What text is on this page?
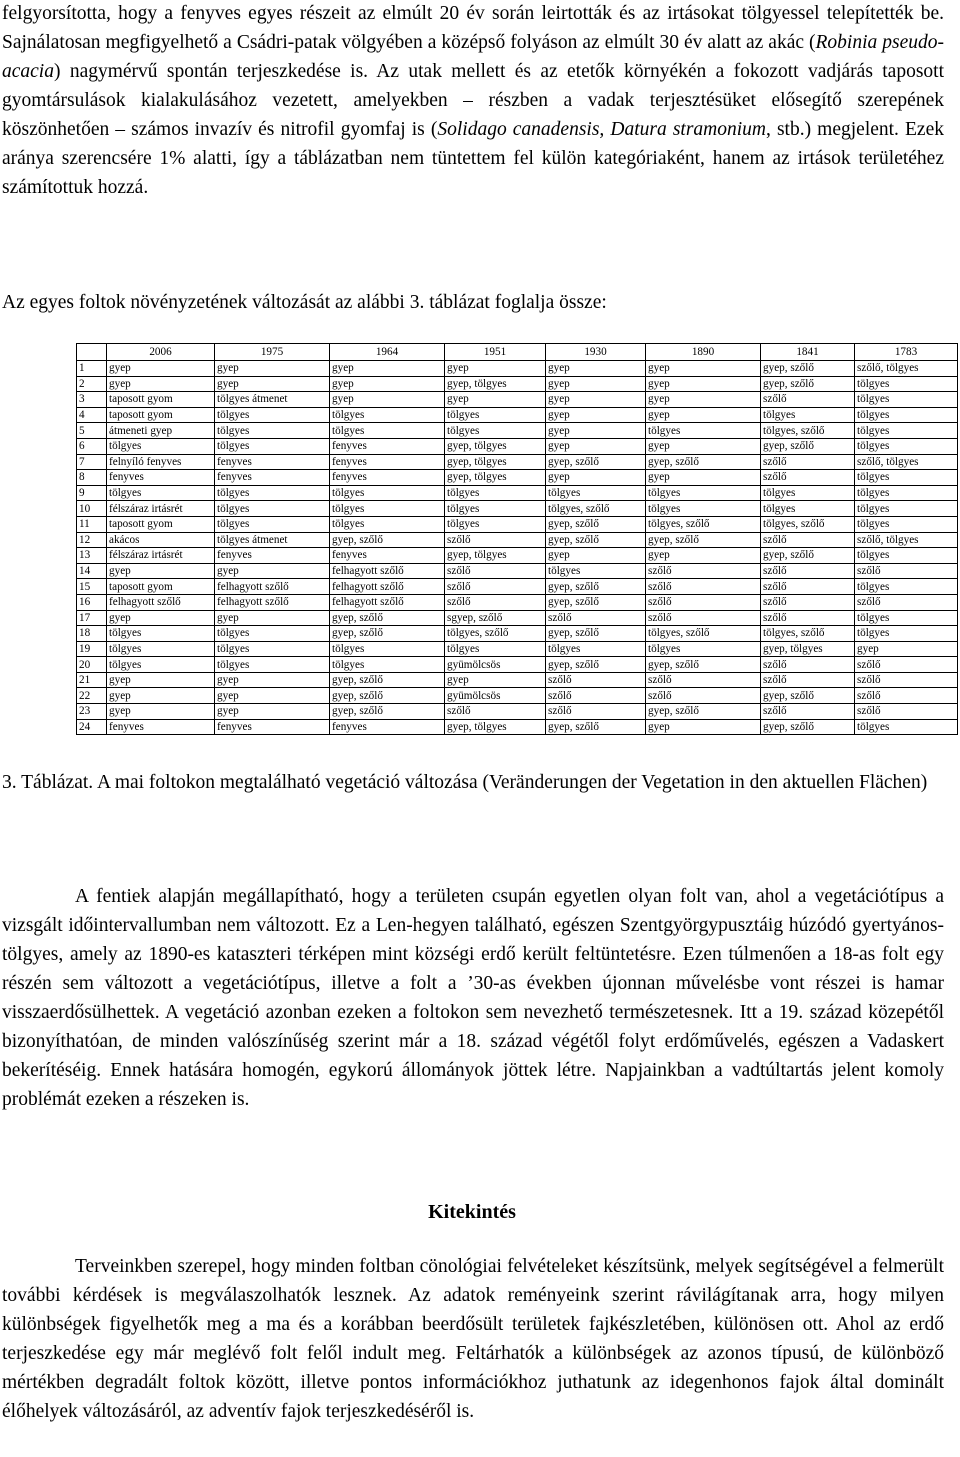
felgyorsította, hogy a fenyves egyes részeit az elmúlt 20 év során leirtották és az irtásokat tölgyessel telepítették be. Sajnálatosan megfigyelhető a Csádri-patak völgyében a középső folyáson az elmúlt 30 év alatt az akác (Robinia pseudo-acacia) nagymérvű spontán terjeszkedése is. Az utak mellett és az etetők környékén a fokozott vadjárás taposott gyomtársulások kialakulásához vezetett, amelyekben – részben a vadak terjesztésüket elősegítő szerepének köszönhetően – számos invazív és nitrofil gyomfaj is (Solidago canadensis, Datura stramonium, stb.) megjelent. Ezek aránya szerencsére 1% alatti, így a táblázatban nem tüntettem fel külön kategóriaként, hanem az irtások területéhez számítottuk hozzá.

Az egyes foltok növényzetének változását az alábbi 3. táblázat foglalja össze:

	2006	1975	1964	1951	1930	1890	1841	1783
1	gyep	gyep	gyep	gyep	gyep	gyep	gyep, szőlő	szőlő, tölgyes
2	gyep	gyep	gyep	gyep, tölgyes	gyep	gyep	gyep, szőlő	tölgyes
3	taposott gyom	tölgyes átmenet	gyep	gyep	gyep	gyep	szőlő	tölgyes
4	taposott gyom	tölgyes	tölgyes	tölgyes	gyep	gyep	tölgyes	tölgyes
5	átmeneti gyep	tölgyes	tölgyes	tölgyes	gyep	tölgyes	tölgyes, szőlő	tölgyes
6	tölgyes	tölgyes	fenyves	gyep, tölgyes	gyep	gyep	gyep, szőlő	tölgyes
7	felnyíló fenyves	fenyves	fenyves	gyep, tölgyes	gyep, szőlő	gyep, szőlő	szőlő	szőlő, tölgyes
8	fenyves	fenyves	fenyves	gyep, tölgyes	gyep	gyep	szőlő	tölgyes
9	tölgyes	tölgyes	tölgyes	tölgyes	tölgyes	tölgyes	tölgyes	tölgyes
10	félszáraz irtásrét	tölgyes	tölgyes	tölgyes	tölgyes, szőlő	tölgyes	tölgyes	tölgyes
11	taposott gyom	tölgyes	tölgyes	tölgyes	gyep, szőlő	tölgyes, szőlő	tölgyes, szőlő	tölgyes
12	akácos	tölgyes átmenet	gyep, szőlő	szőlő	gyep, szőlő	gyep, szőlő	szőlő	szőlő, tölgyes
13	félszáraz irtásrét	fenyves	fenyves	gyep, tölgyes	gyep	gyep	gyep, szőlő	tölgyes
14	gyep	gyep	felhagyott szőlő	szőlő	tölgyes	szőlő	szőlő	szőlő
15	taposott gyom	felhagyott szőlő	felhagyott szőlő	szőlő	gyep, szőlő	szőlő	szőlő	tölgyes
16	felhagyott szőlő	felhagyott szőlő	felhagyott szőlő	szőlő	gyep, szőlő	szőlő	szőlő	szőlő
17	gyep	gyep	gyep, szőlő	sgyep, szőlő	szőlő	szőlő	szőlő	tölgyes
18	tölgyes	tölgyes	gyep, szőlő	tölgyes, szőlő	gyep, szőlő	tölgyes, szőlő	tölgyes, szőlő	tölgyes
19	tölgyes	tölgyes	tölgyes	tölgyes	tölgyes	tölgyes	gyep, tölgyes	gyep
20	tölgyes	tölgyes	tölgyes	gyümölcsös	gyep, szőlő	gyep, szőlő	szőlő	szőlő
21	gyep	gyep	gyep, szőlő	gyep	szőlő	szőlő	szőlő	szőlő
22	gyep	gyep	gyep, szőlő	gyümölcsös	szőlő	szőlő	gyep, szőlő	szőlő
23	gyep	gyep	gyep, szőlő	szőlő	szőlő	gyep, szőlő	szőlő	szőlő
24	fenyves	fenyves	fenyves	gyep, tölgyes	gyep, szőlő	gyep	gyep, szőlő	tölgyes

3. Táblázat. A mai foltokon megtalálható vegetáció változása (Veränderungen der Vegetation in den aktuellen Flächen)

A fentiek alapján megállapítható, hogy a területen csupán egyetlen olyan folt van, ahol a vegetációtípus a vizsgált időintervallumban nem változott. Ez a Len-hegyen található, egészen Szentgyörgypusztáig húzódó gyertyános-tölgyes, amely az 1890-es kataszteri térképen mint községi erdő került feltüntetésre. Ezen túlmenően a 18-as folt egy részén sem változott a vegetációtípus, illetve a folt a ’30-as években újonnan művelésbe vont részei is hamar visszaerdősülhettek. A vegetáció azonban ezeken a foltokon sem nevezhető természetesnek. Itt a 19. század közepétől bizonyíthatóan, de minden valószínűség szerint már a 18. század végétől folyt erdőművelés, egészen a Vadaskert bekerítéséig. Ennek hatására homogén, egykorú állományok jöttek létre. Napjainkban a vadtúltartás jelent komoly problémát ezeken a részeken is.

Kitekintés

Terveinkben szerepel, hogy minden foltban cönológiai felvételeket készítsünk, melyek segítségével a felmerült további kérdések is megválaszolhatók lesznek. Az adatok reményeink szerint rávilágítanak arra, hogy milyen különbségek figyelhetők meg a ma és a korábban beerdősült területek fajkészletében, különösen ott. Ahol az erdő terjeszkedése egy már meglévő folt felől indult meg. Feltárhatók a különbségek az azonos típusú, de különböző mértékben degradált foltok között, illetve pontos információkhoz juthatunk az idegenhonos fajok által dominált élőhelyek változásáról, az adventív fajok terjeszkedéséről is.
